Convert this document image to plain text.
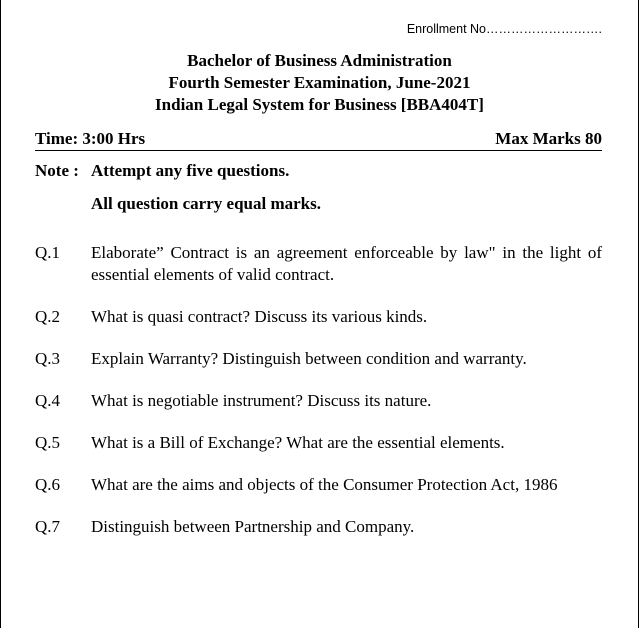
Enrollment No……………………….
Bachelor of Business Administration
Fourth Semester Examination, June-2021
Indian Legal System for Business [BBA404T]
Time: 3:00 Hrs	Max Marks 80
Note : Attempt any five questions.
All question carry equal marks.
Q.1	Elaborate” Contract is an agreement enforceable by law" in the light of essential elements of valid contract.
Q.2	What is quasi contract? Discuss its various kinds.
Q.3	Explain Warranty? Distinguish between condition and warranty.
Q.4	What is negotiable instrument? Discuss its nature.
Q.5	What is a Bill of Exchange? What are the essential elements.
Q.6	What are the aims and objects of the Consumer Protection Act, 1986
Q.7	Distinguish between Partnership and Company.
